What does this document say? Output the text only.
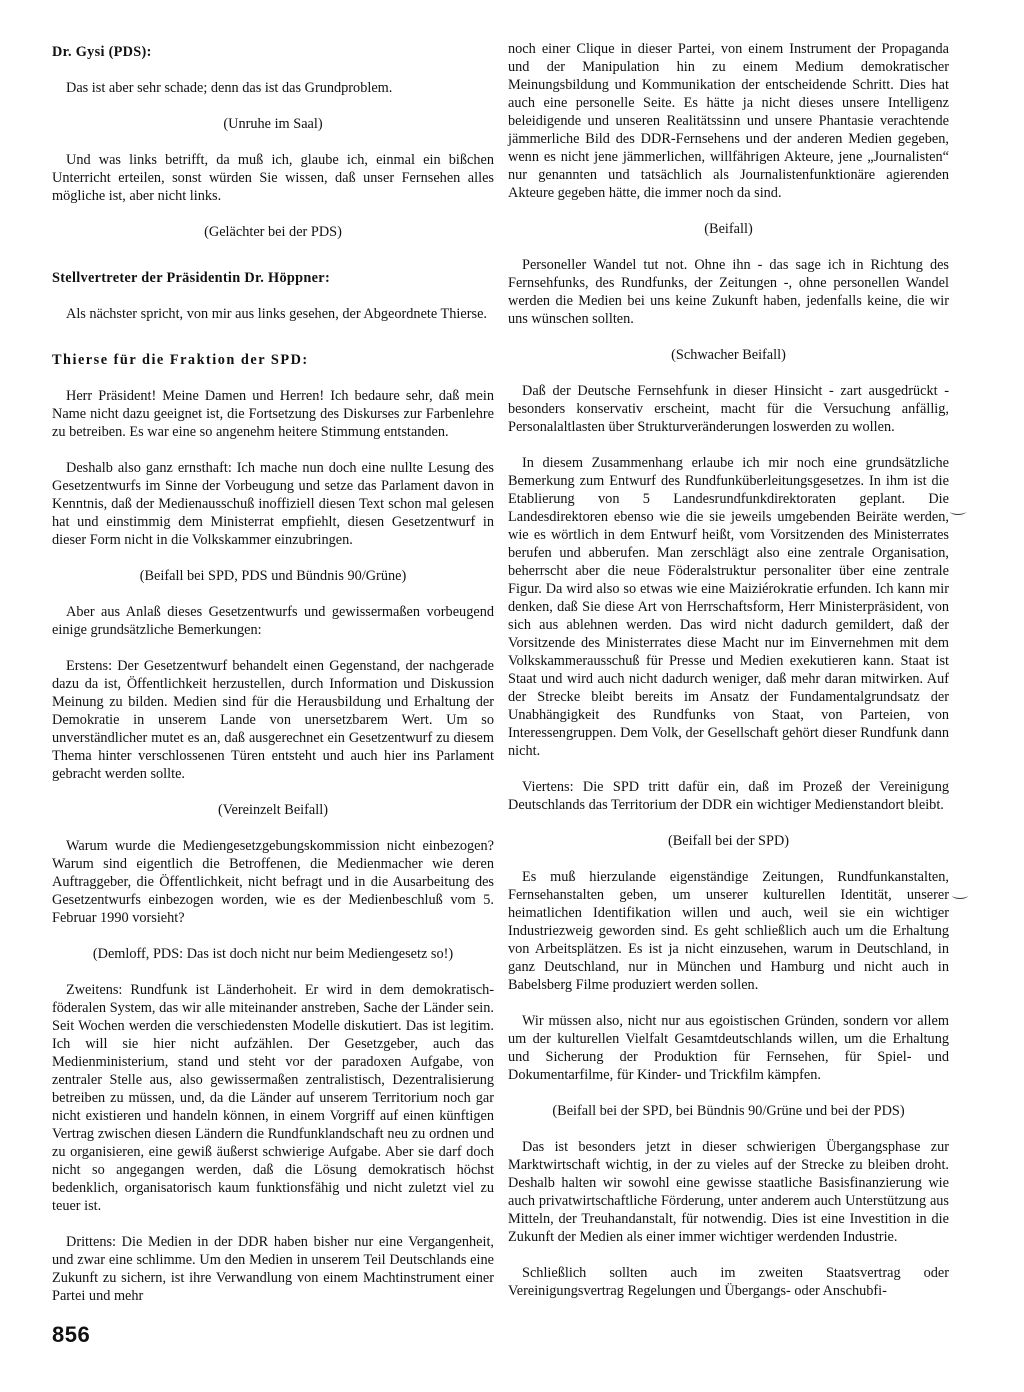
Dr. Gysi (PDS):

Das ist aber sehr schade; denn das ist das Grundproblem.

(Unruhe im Saal)

Und was links betrifft, da muß ich, glaube ich, einmal ein bißchen Unterricht erteilen, sonst würden Sie wissen, daß unser Fernsehen alles mögliche ist, aber nicht links.

(Gelächter bei der PDS)
Stellvertreter der Präsidentin Dr. Höppner:

Als nächster spricht, von mir aus links gesehen, der Abgeordnete Thierse.

Thierse für die Fraktion der SPD:

Herr Präsident! Meine Damen und Herren! Ich bedaure sehr, daß mein Name nicht dazu geeignet ist, die Fortsetzung des Diskurses zur Farbenlehre zu betreiben. Es war eine so angenehm heitere Stimmung entstanden.

Deshalb also ganz ernsthaft: Ich mache nun doch eine nullte Lesung des Gesetzentwurfs im Sinne der Vorbeugung und setze das Parlament davon in Kenntnis, daß der Medienausschuß inoffiziell diesen Text schon mal gelesen hat und einstimmig dem Ministerrat empfiehlt, diesen Gesetzentwurf in dieser Form nicht in die Volkskammer einzubringen.

(Beifall bei SPD, PDS und Bündnis 90/Grüne)

Aber aus Anlaß dieses Gesetzentwurfs und gewissermaßen vorbeugend einige grundsätzliche Bemerkungen:

Erstens: Der Gesetzentwurf behandelt einen Gegenstand, der nachgerade dazu da ist, Öffentlichkeit herzustellen, durch Information und Diskussion Meinung zu bilden. Medien sind für die Herausbildung und Erhaltung der Demokratie in unserem Lande von unersetzbarem Wert. Um so unverständlicher mutet es an, daß ausgerechnet ein Gesetzentwurf zu diesem Thema hinter verschlossenen Türen entsteht und auch hier ins Parlament gebracht werden sollte.

(Vereinzelt Beifall)

Warum wurde die Mediengesetzgebungskommission nicht einbezogen? Warum sind eigentlich die Betroffenen, die Medienmacher wie deren Auftraggeber, die Öffentlichkeit, nicht befragt und in die Ausarbeitung des Gesetzentwurfs einbezogen worden, wie es der Medienbeschluß vom 5. Februar 1990 vorsieht?

(Demloff, PDS: Das ist doch nicht nur beim Mediengesetz so!)

Zweitens: Rundfunk ist Länderhoheit. Er wird in dem demokratisch-föderalen System, das wir alle miteinander anstreben, Sache der Länder sein. Seit Wochen werden die verschiedensten Modelle diskutiert. Das ist legitim. Ich will sie hier nicht aufzählen. Der Gesetzgeber, auch das Medienministerium, stand und steht vor der paradoxen Aufgabe, von zentraler Stelle aus, also gewissermaßen zentralistisch, Dezentralisierung betreiben zu müssen, und, da die Länder auf unserem Territorium noch gar nicht existieren und handeln können, in einem Vorgriff auf einen künftigen Vertrag zwischen diesen Ländern die Rundfunklandschaft neu zu ordnen und zu organisieren, eine gewiß äußerst schwierige Aufgabe. Aber sie darf doch nicht so angegangen werden, daß die Lösung demokratisch höchst bedenklich, organisatorisch kaum funktionsfähig und nicht zuletzt viel zu teuer ist.

Drittens: Die Medien in der DDR haben bisher nur eine Vergangenheit, und zwar eine schlimme. Um den Medien in unserem Teil Deutschlands eine Zukunft zu sichern, ist ihre Verwandlung von einem Machtinstrument einer Partei und mehr

noch einer Clique in dieser Partei, von einem Instrument der Propaganda und der Manipulation hin zu einem Medium demokratischer Meinungsbildung und Kommunikation der entscheidende Schritt. Dies hat auch eine personelle Seite. Es hätte ja nicht dieses unsere Intelligenz beleidigende und unseren Realitätssinn und unsere Phantasie verachtende jämmerliche Bild des DDR-Fernsehens und der anderen Medien gegeben, wenn es nicht jene jämmerlichen, willfährigen Akteure, jene „Journalisten“ nur genannten und tatsächlich als Journalistenfunktionäre agierenden Akteure gegeben hätte, die immer noch da sind.

(Beifall)

Personeller Wandel tut not. Ohne ihn - das sage ich in Richtung des Fernsehfunks, des Rundfunks, der Zeitungen -, ohne personellen Wandel werden die Medien bei uns keine Zukunft haben, jedenfalls keine, die wir uns wünschen sollten.

(Schwacher Beifall)

Daß der Deutsche Fernsehfunk in dieser Hinsicht - zart ausgedrückt - besonders konservativ erscheint, macht für die Versuchung anfällig, Personalaltlasten über Strukturveränderungen loswerden zu wollen.

In diesem Zusammenhang erlaube ich mir noch eine grundsätzliche Bemerkung zum Entwurf des Rundfunküberleitungsgesetzes. In ihm ist die Etablierung von 5 Landesrundfunkdirektoraten geplant. Die Landesdirektoren ebenso wie die sie jeweils umgebenden Beiräte werden, wie es wörtlich in dem Entwurf heißt, vom Vorsitzenden des Ministerrates berufen und abberufen. Man zerschlägt also eine zentrale Organisation, beherrscht aber die neue Föderalstruktur personaliter über eine zentrale Figur. Da wird also so etwas wie eine Maiziérokratie erfunden. Ich kann mir denken, daß Sie diese Art von Herrschaftsform, Herr Ministerpräsident, von sich aus ablehnen werden. Das wird nicht dadurch gemildert, daß der Vorsitzende des Ministerrates diese Macht nur im Einvernehmen mit dem Volkskammerausschuß für Presse und Medien exekutieren kann. Staat ist Staat und wird auch nicht dadurch weniger, daß mehr daran mitwirken. Auf der Strecke bleibt bereits im Ansatz der Fundamentalgrundsatz der Unabhängigkeit des Rundfunks von Staat, von Parteien, von Interessengruppen. Dem Volk, der Gesellschaft gehört dieser Rundfunk dann nicht.

Viertens: Die SPD tritt dafür ein, daß im Prozeß der Vereinigung Deutschlands das Territorium der DDR ein wichtiger Medienstandort bleibt.

(Beifall bei der SPD)

Es muß hierzulande eigenständige Zeitungen, Rundfunkanstalten, Fernsehanstalten geben, um unserer kulturellen Identität, unserer heimatlichen Identifikation willen und auch, weil sie ein wichtiger Industriezweig geworden sind. Es geht schließlich auch um die Erhaltung von Arbeitsplätzen. Es ist ja nicht einzusehen, warum in Deutschland, in ganz Deutschland, nur in München und Hamburg und nicht auch in Babelsberg Filme produziert werden sollen.

Wir müssen also, nicht nur aus egoistischen Gründen, sondern vor allem um der kulturellen Vielfalt Gesamtdeutschlands willen, um die Erhaltung und Sicherung der Produktion für Fernsehen, für Spiel- und Dokumentarfilme, für Kinder- und Trickfilm kämpfen.

(Beifall bei der SPD, bei Bündnis 90/Grüne und bei der PDS)

Das ist besonders jetzt in dieser schwierigen Übergangsphase zur Marktwirtschaft wichtig, in der zu vieles auf der Strecke zu bleiben droht. Deshalb halten wir sowohl eine gewisse staatliche Basisfinanzierung wie auch privatwirtschaftliche Förderung, unter anderem auch Unterstützung aus Mitteln, der Treuhandanstalt, für notwendig. Dies ist eine Investition in die Zukunft der Medien als einer immer wichtiger werdenden Industrie.

Schließlich sollten auch im zweiten Staatsvertrag oder Vereinigungsvertrag Regelungen und Übergangs- oder Anschubfi-

856
